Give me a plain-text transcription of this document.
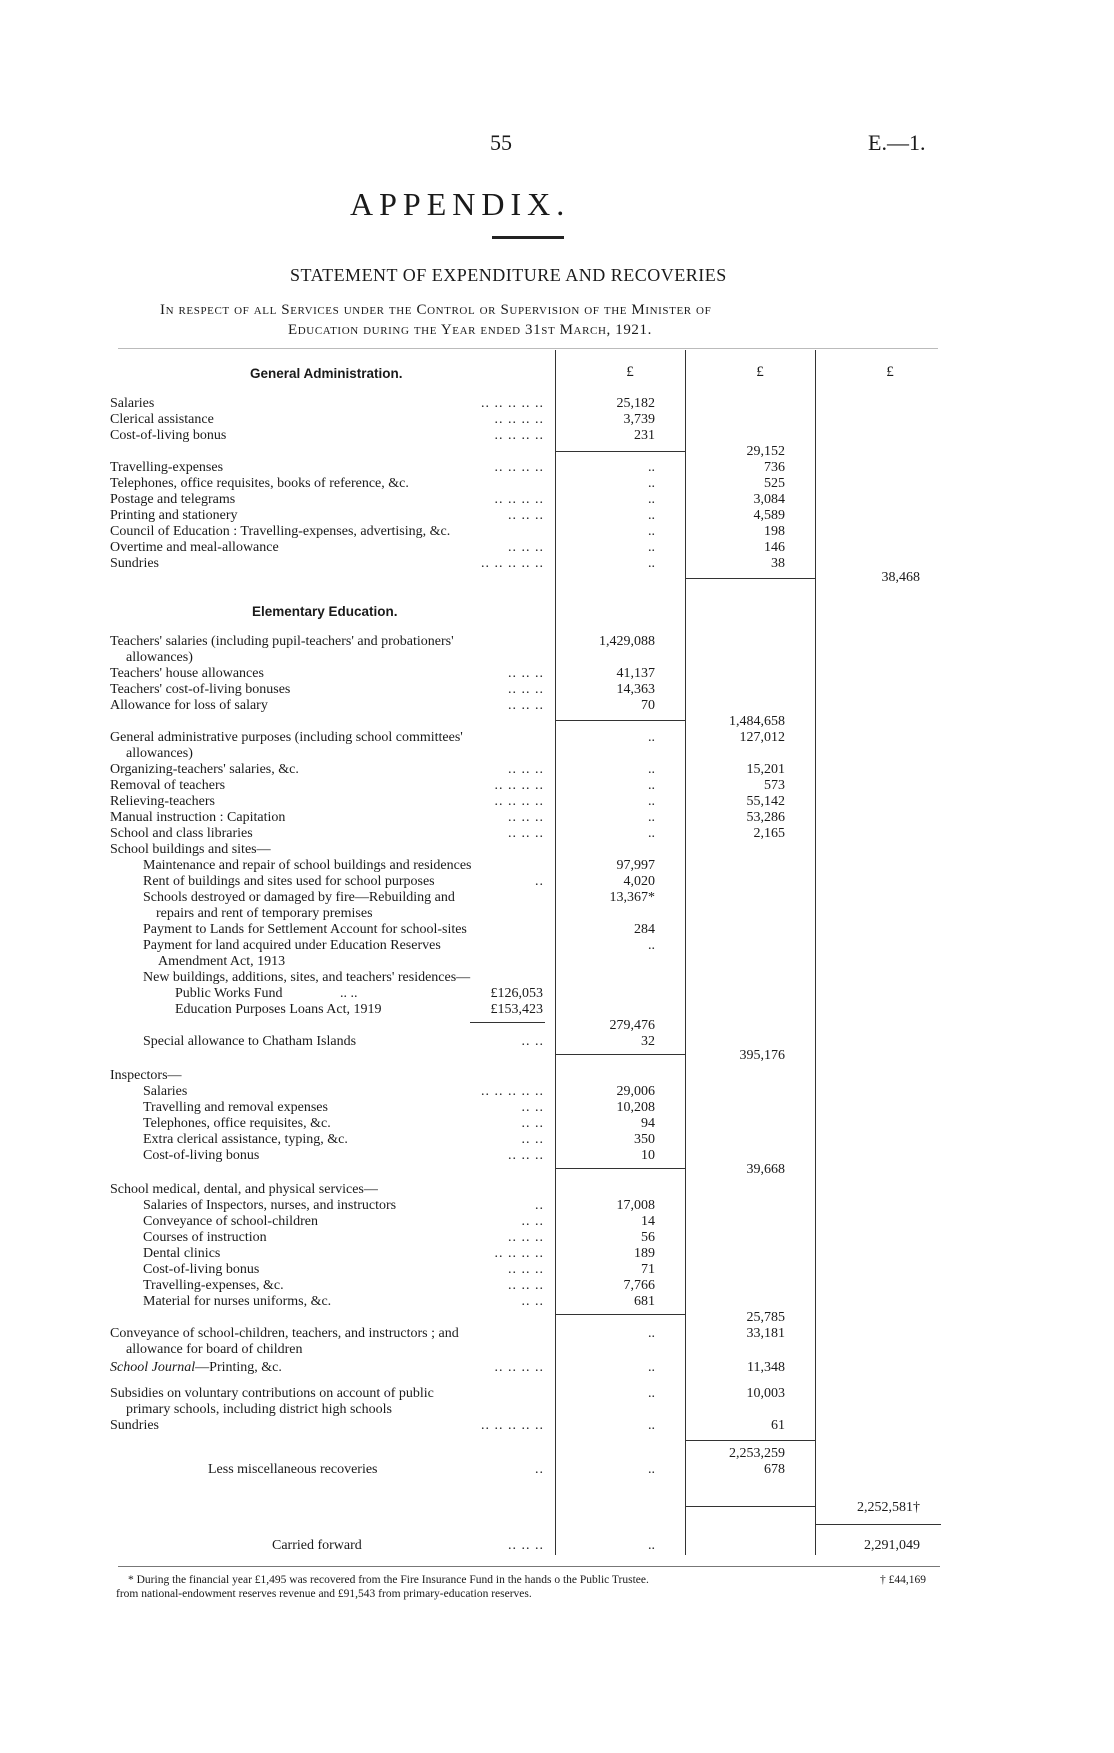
55	E.—1.
APPENDIX.
STATEMENT OF EXPENDITURE AND RECOVERIES
In respect of all Services under the Control or Supervision of the Minister of
Education during the Year ended 31st March, 1921.
£	£	£
General Administration.
Salaries	.. .. .. .. ..	25,182
Clerical assistance	.. .. .. ..	3,739
Cost-of-living bonus	.. .. .. ..	231
29,152
Travelling-expenses	.. .. .. ..	..	736
Telephones, office requisites, books of reference, &c.	..	525
Postage and telegrams	.. .. .. ..	..	3,084
Printing and stationery	.. .. ..	..	4,589
Council of Education : Travelling-expenses, advertising, &c.	..	198
Overtime and meal-allowance	.. .. ..	..	146
Sundries	.. .. .. .. ..	..	38
38,468
Elementary Education.
Teachers' salaries (including pupil-teachers' and probationers'	1,429,088
allowances)
Teachers' house allowances	.. .. ..	41,137
Teachers' cost-of-living bonuses	.. .. ..	14,363
Allowance for loss of salary	.. .. ..	70
1,484,658
General administrative purposes (including school committees'	..	127,012
allowances)
Organizing-teachers' salaries, &c.	.. .. ..	..	15,201
Removal of teachers	.. .. .. ..	..	573
Relieving-teachers	.. .. .. ..	..	55,142
Manual instruction : Capitation	.. .. ..	..	53,286
School and class libraries	.. .. ..	..	2,165
School buildings and sites—
Maintenance and repair of school buildings and residences	97,997
Rent of buildings and sites used for school purposes	..	4,020
Schools destroyed or damaged by fire—Rebuilding and	13,367*
repairs and rent of temporary premises
Payment to Lands for Settlement Account for school-sites	284
Payment for land acquired under Education Reserves	..
Amendment Act, 1913
New buildings, additions, sites, and teachers' residences—
Public Works Fund	.. ..	£126,053
Education Purposes Loans Act, 1919	£153,423
279,476
Special allowance to Chatham Islands	.. ..	32
395,176
Inspectors—
Salaries	.. .. .. .. ..	29,006
Travelling and removal expenses	.. ..	10,208
Telephones, office requisites, &c.	.. ..	94
Extra clerical assistance, typing, &c.	.. ..	350
Cost-of-living bonus	.. .. ..	10
39,668
School medical, dental, and physical services—
Salaries of Inspectors, nurses, and instructors	..	17,008
Conveyance of school-children	.. ..	14
Courses of instruction	.. .. ..	56
Dental clinics	.. .. .. ..	189
Cost-of-living bonus	.. .. ..	71
Travelling-expenses, &c.	.. .. ..	7,766
Material for nurses uniforms, &c.	.. ..	681
25,785
Conveyance of school-children, teachers, and instructors ; and	..	33,181
allowance for board of children
School Journal—Printing, &c.	.. .. .. ..	..	11,348
Subsidies on voluntary contributions on account of public	..	10,003
primary schools, including district high schools
Sundries	.. .. .. .. ..	..	61
2,253,259
Less miscellaneous recoveries	..	..	678
2,252,581†
Carried forward	.. .. ..	..	2,291,049
* During the financial year £1,495 was recovered from the Fire Insurance Fund in the hands o the Public Trustee.	† £44,169
from national-endowment reserves revenue and £91,543 from primary-education reserves.
